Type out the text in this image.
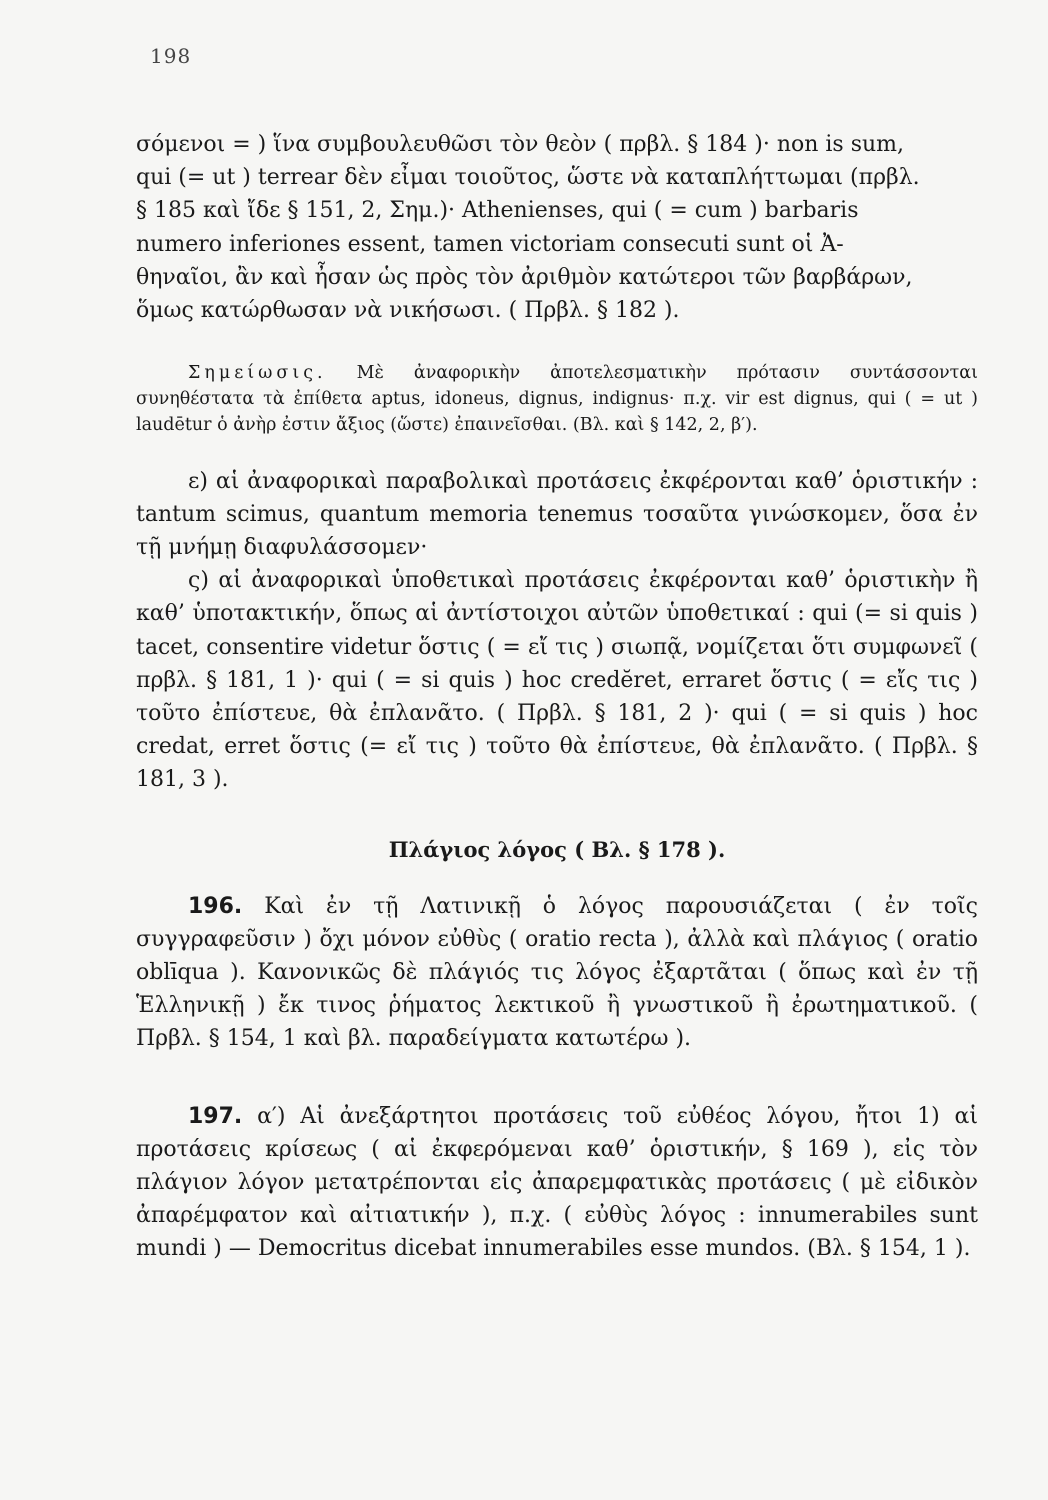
198
σόμενοι = ) ἵνα συμβουλευθῶσι τὸν θεὸν ( πρβλ. § 184 )· non is sum,
qui (= ut ) terrear δὲν εἶμαι τοιοῦτος, ὥστε νὰ καταπλήττωμαι (πρβλ.
§ 185 καὶ ἴδε § 151, 2, Σημ.)· Athenienses, qui ( = cum ) barbaris
numero inferiones essent, tamen victoriam consecuti sunt οἱ Ἀ-
θηναῖοι, ἂν καὶ ἦσαν ὡς πρὸς τὸν ἀριθμὸν κατώτεροι τῶν βαρβάρων,
ὅμως κατώρθωσαν νὰ νικήσωσι. ( Πρβλ. § 182 ).

Σημείωσις. Μὲ ἀναφορικὴν ἀποτελεσματικὴν πρότασιν συντάσσονται συνηθέστατα τὰ ἐπίθετα aptus, idoneus, dignus, indignus· π.χ. vir est dignus, qui ( = ut ) laudētur ὁ ἀνὴρ ἐστιν ἄξιος (ὥστε) ἐπαινεῖσθαι. (Βλ. καὶ § 142, 2, β′).

ε) αἱ ἀναφορικαὶ παραβολικαὶ προτάσεις ἐκφέρονται καθ’ ὁριστικήν : tantum scimus, quantum memoria tenemus τοσαῦτα γινώσκομεν, ὅσα ἐν τῇ μνήμῃ διαφυλάσσομεν·

ς) αἱ ἀναφορικαὶ ὑποθετικαὶ προτάσεις ἐκφέρονται καθ’ ὁριστικὴν ἢ καθ’ ὑποτακτικήν, ὅπως αἱ ἀντίστοιχοι αὐτῶν ὑποθετικαί : qui (= si quis ) tacet, consentire videtur ὅστις ( = εἴ τις ) σιωπᾷ, νομίζεται ὅτι συμφωνεῖ ( πρβλ. § 181, 1 )· qui ( = si quis ) hoc credĕret, erraret ὅστις ( = εἴς τις ) τοῦτο ἐπίστευε, θὰ ἐπλανᾶτο. ( Πρβλ. § 181, 2 )· qui ( = si quis ) hoc credat, erret ὅστις (= εἴ τις ) τοῦτο θὰ ἐπίστευε, θὰ ἐπλανᾶτο. ( Πρβλ. § 181, 3 ).

Πλάγιος λόγος ( Βλ. § 178 ).

196. Καὶ ἐν τῇ Λατινικῇ ὁ λόγος παρουσιάζεται ( ἐν τοῖς συγγραφεῦσιν ) ὄχι μόνον εὐθὺς ( oratio recta ), ἀλλὰ καὶ πλάγιος ( oratio oblīqua ). Κανονικῶς δὲ πλάγιός τις λόγος ἐξαρτᾶται ( ὅπως καὶ ἐν τῇ Ἑλληνικῇ ) ἔκ τινος ῥήματος λεκτικοῦ ἢ γνωστικοῦ ἢ ἐρωτηματικοῦ. ( Πρβλ. § 154, 1 καὶ βλ. παραδείγματα κατωτέρω ).

197. α′) Αἱ ἀνεξάρτητοι προτάσεις τοῦ εὐθέος λόγου, ἤτοι 1) αἱ προτάσεις κρίσεως ( αἱ ἐκφερόμεναι καθ’ ὁριστικήν, § 169 ), εἰς τὸν πλάγιον λόγον μετατρέπονται εἰς ἀπαρεμφατικὰς προτάσεις ( μὲ εἰδικὸν ἀπαρέμφατον καὶ αἰτιατικήν ), π.χ. ( εὐθὺς λόγος : innumerabiles sunt mundi ) — Democritus dicebat innumerabiles esse mundos. (Βλ. § 154, 1 ).
